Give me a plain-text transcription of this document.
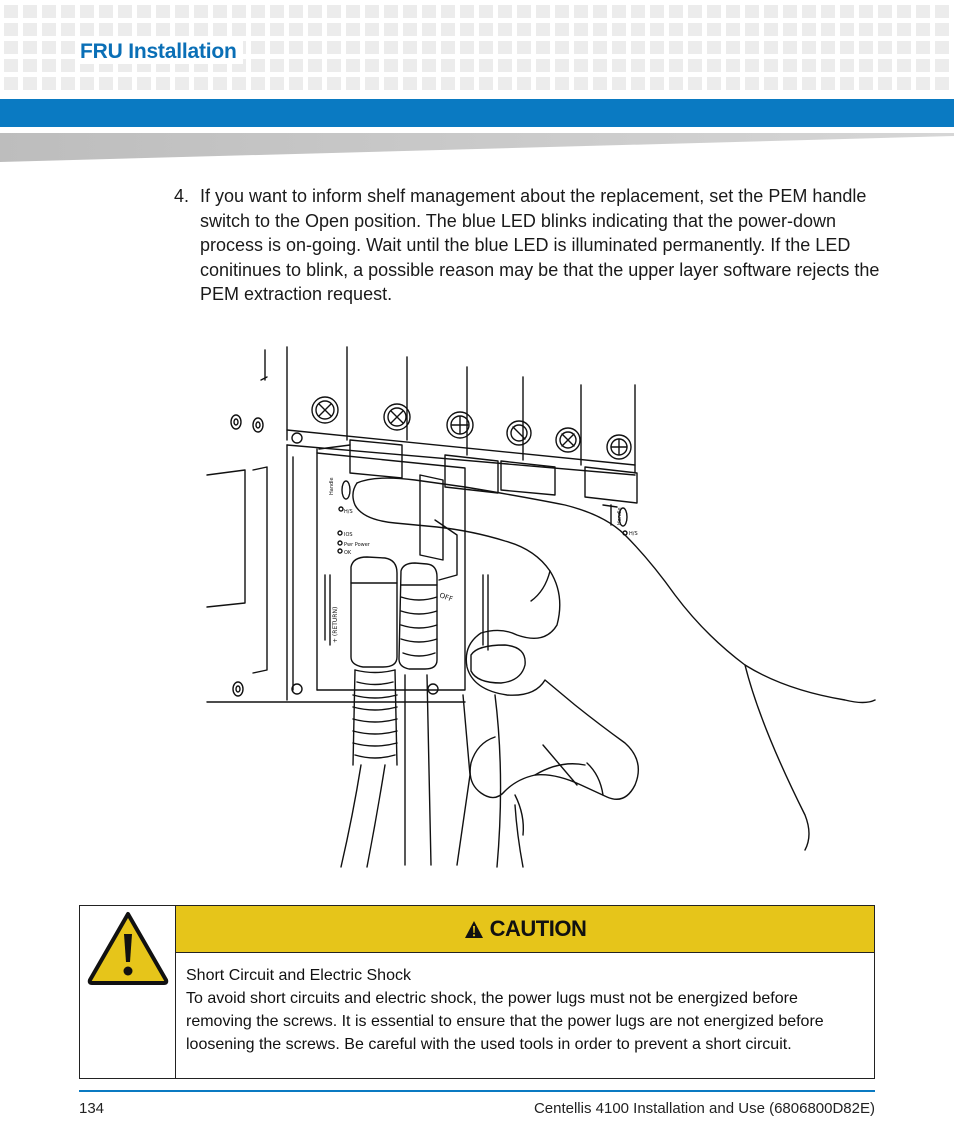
FRU Installation
4. If you want to inform shelf management about the replacement, set the PEM handle switch to the Open position. The blue LED blinks indicating that the power-down process is on-going. Wait until the blue LED is illuminated permanently. If the LED conitinues to blink, a possible reason may be that the upper layer software rejects the PEM extraction request.
Handle
H/S
IOS
Pwr Power
OK
Handle
H/S
+ (RETURN)
OFF
CAUTION
Short Circuit and Electric Shock
To avoid short circuits and electric shock, the power lugs must not be energized before removing the screws. It is essential to ensure that the power lugs are not energized before loosening the screws. Be careful with the used tools in order to prevent a short circuit.
134	Centellis 4100 Installation and Use (6806800D82E)
